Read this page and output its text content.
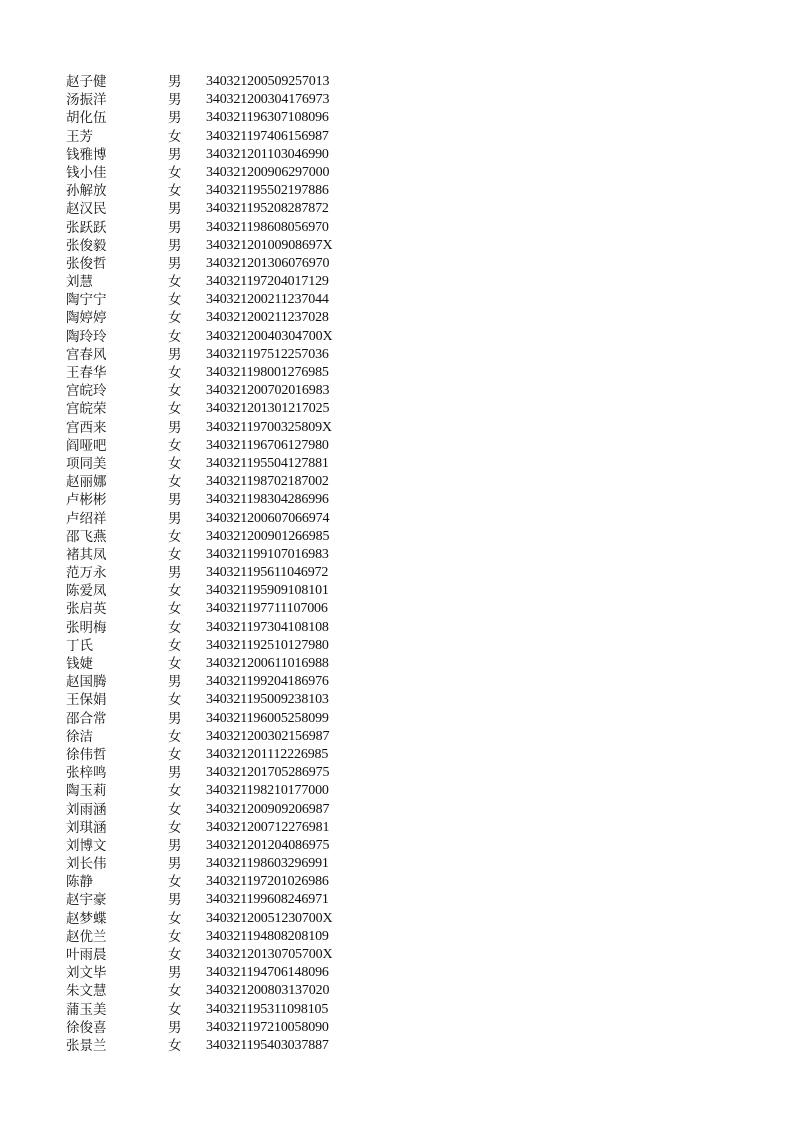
赵子健	男 340321200509257013
汤振洋	男 340321200304176973
胡化伍	男 340321196307108096
王芳	女 340321197406156987
钱雅博	男 340321201103046990
钱小佳	女 340321200906297000
孙解放	女 340321195502197886
赵汉民	男 340321195208287872
张跃跃	男 340321198608056970
张俊毅	男 34032120100908697X
张俊哲	男 340321201306076970
刘慧	女 340321197204017129
陶宁宁	女 340321200211237044
陶婷婷	女 340321200211237028
陶玲玲	女 34032120040304700X
宫春风	男 340321197512257036
王春华	女 340321198001276985
宫皖玲	女 340321200702016983
宫皖荣	女 340321201301217025
宫西来	男 34032119700325809X
阎哑吧	女 340321196706127980
项同美	女 340321195504127881
赵丽娜	女 340321198702187002
卢彬彬	男 340321198304286996
卢绍祥	男 340321200607066974
邵飞燕	女 340321200901266985
褚其凤	女 340321199107016983
范万永	男 340321195611046972
陈爱凤	女 340321195909108101
张启英	女 340321197711107006
张明梅	女 340321197304108108
丁氏	女 340321192510127980
钱婕	女 340321200611016988
赵国腾	男 340321199204186976
王保娟	女 340321195009238103
邵合常	男 340321196005258099
徐洁	女 340321200302156987
徐伟哲	女 340321201112226985
张梓鸣	男 340321201705286975
陶玉莉	女 340321198210177000
刘雨涵	女 340321200909206987
刘琪涵	女 340321200712276981
刘博文	男 340321201204086975
刘长伟	男 340321198603296991
陈静	女 340321197201026986
赵宇豪	男 340321199608246971
赵梦蝶	女 34032120051230700X
赵优兰	女 340321194808208109
叶雨晨	女 34032120130705700X
刘文毕	男 340321194706148096
朱文慧	女 340321200803137020
蒲玉美	女 340321195311098105
徐俊喜	男 340321197210058090
张景兰	女 340321195403037887
